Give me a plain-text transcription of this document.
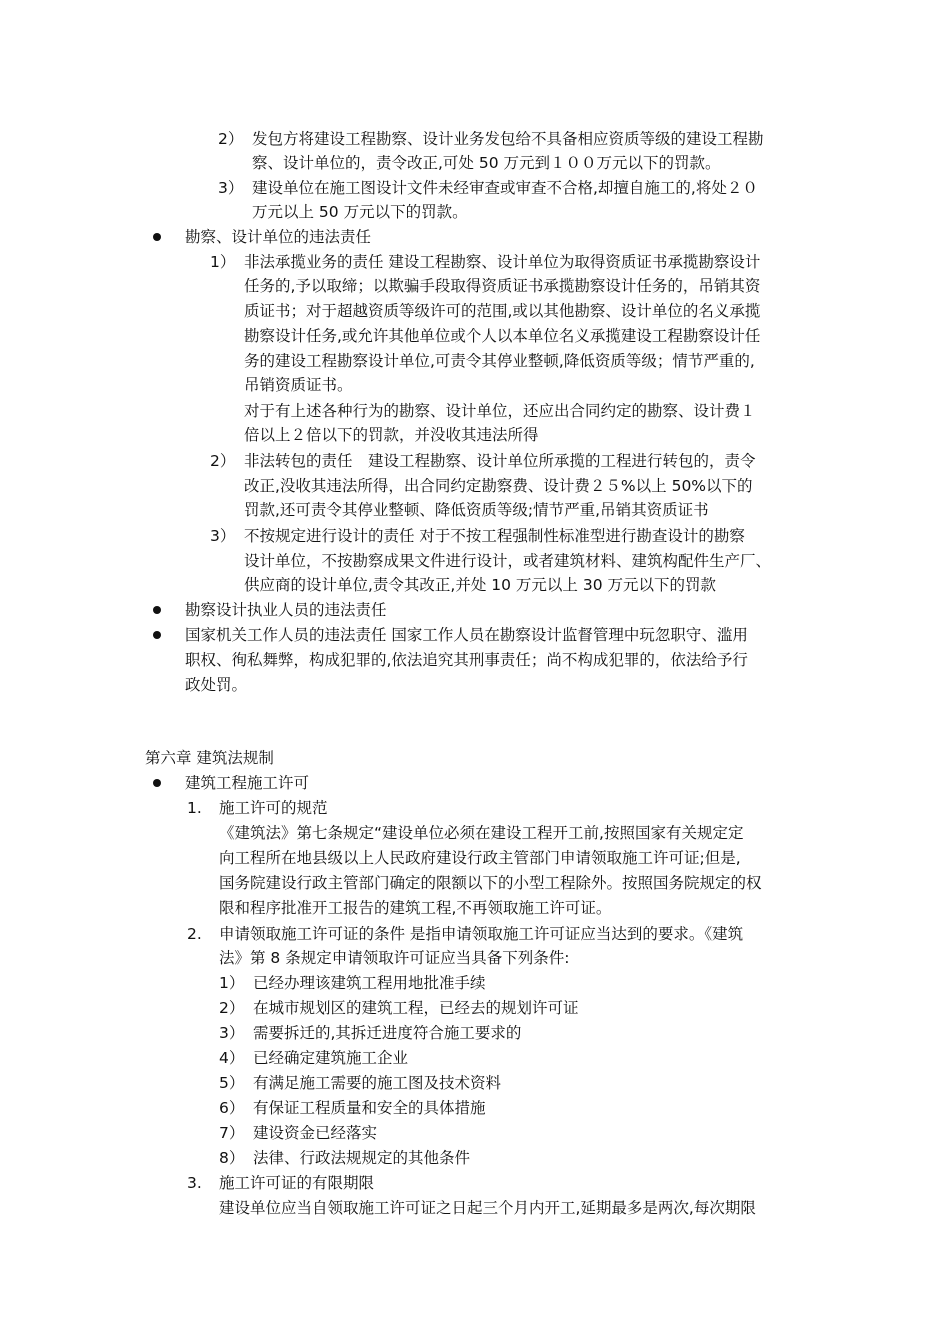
2） 发包方将建设工程勘察、设计业务发包给不具备相应资质等级的建设工程勘
察、设计单位的，责令改正,可处 50 万元到１００万元以下的罚款。
3） 建设单位在施工图设计文件未经审查或审查不合格,却擅自施工的,将处２０
万元以上 50 万元以下的罚款。
勘察、设计单位的违法责任
1） 非法承揽业务的责任 建设工程勘察、设计单位为取得资质证书承揽勘察设计
任务的,予以取缔；以欺骗手段取得资质证书承揽勘察设计任务的，吊销其资
质证书；对于超越资质等级许可的范围,或以其他勘察、设计单位的名义承揽
勘察设计任务,或允许其他单位或个人以本单位名义承揽建设工程勘察设计任
务的建设工程勘察设计单位,可责令其停业整顿,降低资质等级；情节严重的,
吊销资质证书。
对于有上述各种行为的勘察、设计单位，还应出合同约定的勘察、设计费１
倍以上２倍以下的罚款，并没收其违法所得
2） 非法转包的责任　建设工程勘察、设计单位所承揽的工程进行转包的，责令
改正,没收其违法所得，出合同约定勘察费、设计费２５%以上 50%以下的
罚款,还可责令其停业整顿、降低资质等级;情节严重,吊销其资质证书
3） 不按规定进行设计的责任 对于不按工程强制性标准型进行勘查设计的勘察
设计单位，不按勘察成果文件进行设计，或者建筑材料、建筑构配件生产厂、
供应商的设计单位,责令其改正,并处 10 万元以上 30 万元以下的罚款
勘察设计执业人员的违法责任
国家机关工作人员的违法责任 国家工作人员在勘察设计监督管理中玩忽职守、滥用
职权、徇私舞弊，构成犯罪的,依法追究其刑事责任；尚不构成犯罪的，依法给予行
政处罚。
第六章 建筑法规制
建筑工程施工许可
1. 施工许可的规范
《建筑法》第七条规定“建设单位必须在建设工程开工前,按照国家有关规定定
向工程所在地县级以上人民政府建设行政主管部门申请领取施工许可证;但是,
国务院建设行政主管部门确定的限额以下的小型工程除外。按照国务院规定的权
限和程序批准开工报告的建筑工程,不再领取施工许可证。
2. 申请领取施工许可证的条件 是指申请领取施工许可证应当达到的要求。《建筑
法》第 8 条规定申请领取许可证应当具备下列条件:
1） 已经办理该建筑工程用地批准手续
2） 在城市规划区的建筑工程，已经去的规划许可证
3） 需要拆迁的,其拆迁进度符合施工要求的
4） 已经确定建筑施工企业
5） 有满足施工需要的施工图及技术资料
6） 有保证工程质量和安全的具体措施
7） 建设资金已经落实
8） 法律、行政法规规定的其他条件
3. 施工许可证的有限期限
建设单位应当自领取施工许可证之日起三个月内开工,延期最多是两次,每次期限
